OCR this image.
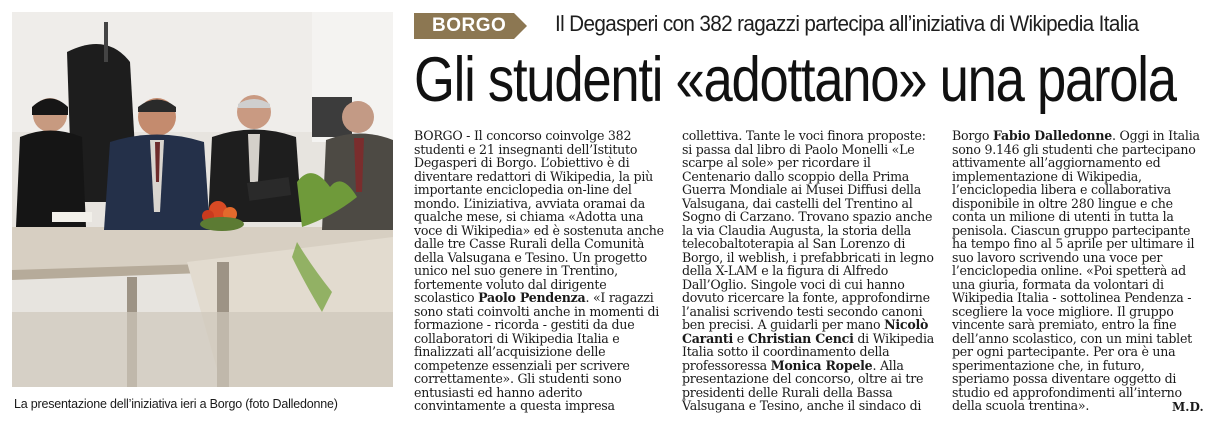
La presentazione dell’iniziativa ieri a Borgo (foto Dalledonne)
BORGO	Il Degasperi con 382 ragazzi partecipa all’iniziativa di Wikipedia Italia
Gli studenti «adottano» una parola
BORGO - Il concorso coinvolge 382
studenti e 21 insegnanti dell’Istituto
Degasperi di Borgo. L’obiettivo è di
diventare redattori di Wikipedia, la più
importante enciclopedia on-line del
mondo. L’iniziativa, avviata oramai da
qualche mese, si chiama «Adotta una
voce di Wikipedia» ed è sostenuta anche
dalle tre Casse Rurali della Comunità
della Valsugana e Tesino. Un progetto
unico nel suo genere in Trentino,
fortemente voluto dal dirigente
scolastico Paolo Pendenza. «I ragazzi
sono stati coinvolti anche in momenti di
formazione - ricorda - gestiti da due
collaboratori di Wikipedia Italia e
finalizzati all’acquisizione delle
competenze essenziali per scrivere
correttamente». Gli studenti sono
entusiasti ed hanno aderito
convintamente a questa impresa
collettiva. Tante le voci finora proposte:
si passa dal libro di Paolo Monelli «Le
scarpe al sole» per ricordare il
Centenario dallo scoppio della Prima
Guerra Mondiale ai Musei Diffusi della
Valsugana, dai castelli del Trentino al
Sogno di Carzano. Trovano spazio anche
la via Claudia Augusta, la storia della
telecobaltoterapia al San Lorenzo di
Borgo, il weblish, i prefabbricati in legno
della X-LAM e la figura di Alfredo
Dall’Oglio. Singole voci di cui hanno
dovuto ricercare la fonte, approfondirne
l’analisi scrivendo testi secondo canoni
ben precisi. A guidarli per mano Nicolò
Caranti e Christian Cenci di Wikipedia
Italia sotto il coordinamento della
professoressa Monica Ropele. Alla
presentazione del concorso, oltre ai tre
presidenti delle Rurali della Bassa
Valsugana e Tesino, anche il sindaco di
Borgo Fabio Dalledonne. Oggi in Italia
sono 9.146 gli studenti che partecipano
attivamente all’aggiornamento ed
implementazione di Wikipedia,
l’enciclopedia libera e collaborativa
disponibile in oltre 280 lingue e che
conta un milione di utenti in tutta la
penisola. Ciascun gruppo partecipante
ha tempo fino al 5 aprile per ultimare il
suo lavoro scrivendo una voce per
l’enciclopedia online. «Poi spetterà ad
una giuria, formata da volontari di
Wikipedia Italia - sottolinea Pendenza -
scegliere la voce migliore. Il gruppo
vincente sarà premiato, entro la fine
dell’anno scolastico, con un mini tablet
per ogni partecipante. Per ora è una
sperimentazione che, in futuro,
speriamo possa diventare oggetto di
studio ed approfondimenti all’interno
della scuola trentina».	M.D.
